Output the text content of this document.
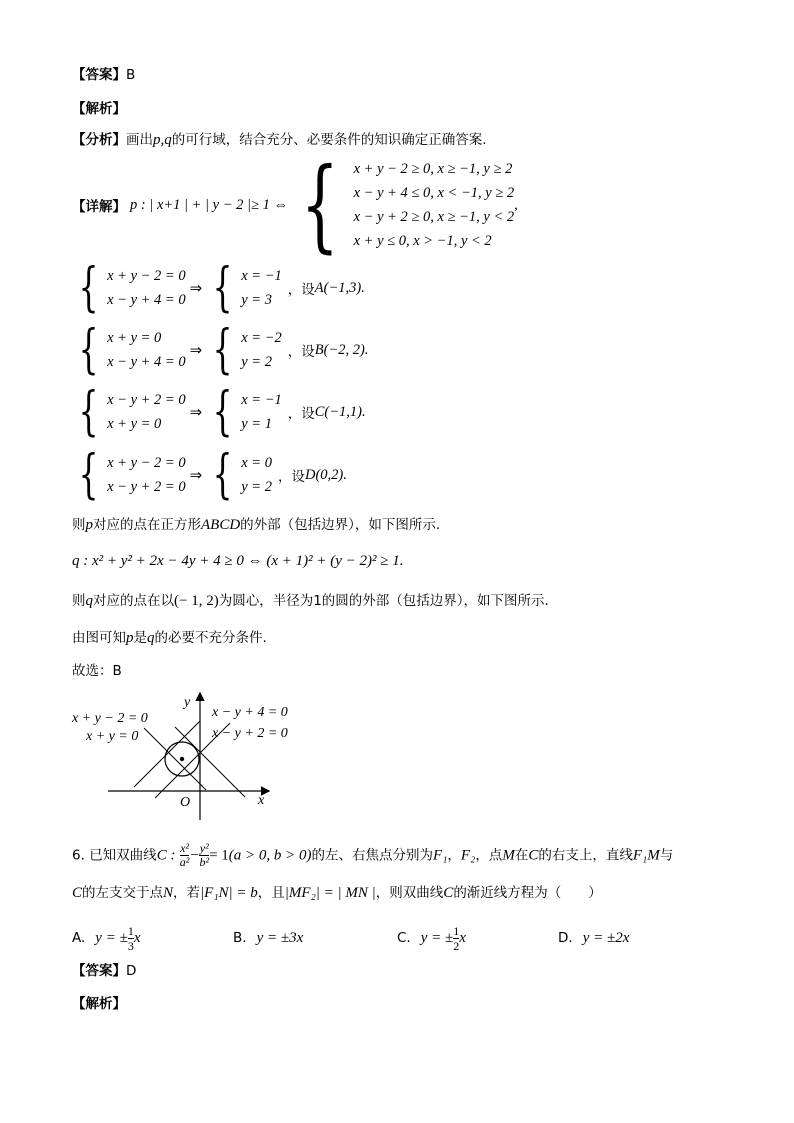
【答案】B
【解析】
【分析】画出p,q的可行域，结合充分、必要条件的知识确定正确答案.
【详解】 p : | x+1 | + | y − 2 |≥ 1 ⇔ { x + y − 2 ≥ 0, x ≥ −1, y ≥ 2
x − y + 4 ≤ 0, x < −1, y ≥ 2
x − y + 2 ≥ 0, x ≥ −1, y < 2
x + y ≤ 0, x > −1, y < 2
,
{ x + y − 2 = 0
x − y + 4 = 0
⇒ { x = −1
y = 3
，设 A(−1,3).
{ x + y = 0
x − y + 4 = 0
⇒ { x = −2
y = 2
，设 B(−2, 2).
{ x − y + 2 = 0
x + y = 0
⇒ { x = −1
y = 1
，设 C(−1,1).
{ x + y − 2 = 0
x − y + 2 = 0
⇒ { x = 0
y = 2
，设 D(0,2).
则p对应的点在正方形ABCD的外部（包括边界），如下图所示.
q : x² + y² + 2x − 4y + 4 ≥ 0 ⇔ (x + 1)² + (y − 2)² ≥ 1.
则q对应的点在以(− 1, 2)为圆心，半径为1的圆的外部（包括边界），如下图所示.
由图可知p是q的必要不充分条件.
故选：B
x + y − 2 = 0
x + y = 0
x − y + 4 = 0
x − y + 2 = 0
y
x
O
6. 已知双曲线C : $\frac{\text{x²}}{\text{a²}} - \frac{\text{y²}}{\text{b²}} = 1(a > 0$, b > 0)的左、右焦点分别为F₁，F₂，点M在C的右支上，直线F₁M与
C的左支交于点N，若|F₁N| = b，且|MF₂| = | MN |，则双曲线C的渐近线方程为（　　）
A. y = ± $\frac{1}{3}$ x	B. y = ±3x	C. y = ± $\frac{1}{2}$ x	D. y = ±2x
【答案】D
【解析】
